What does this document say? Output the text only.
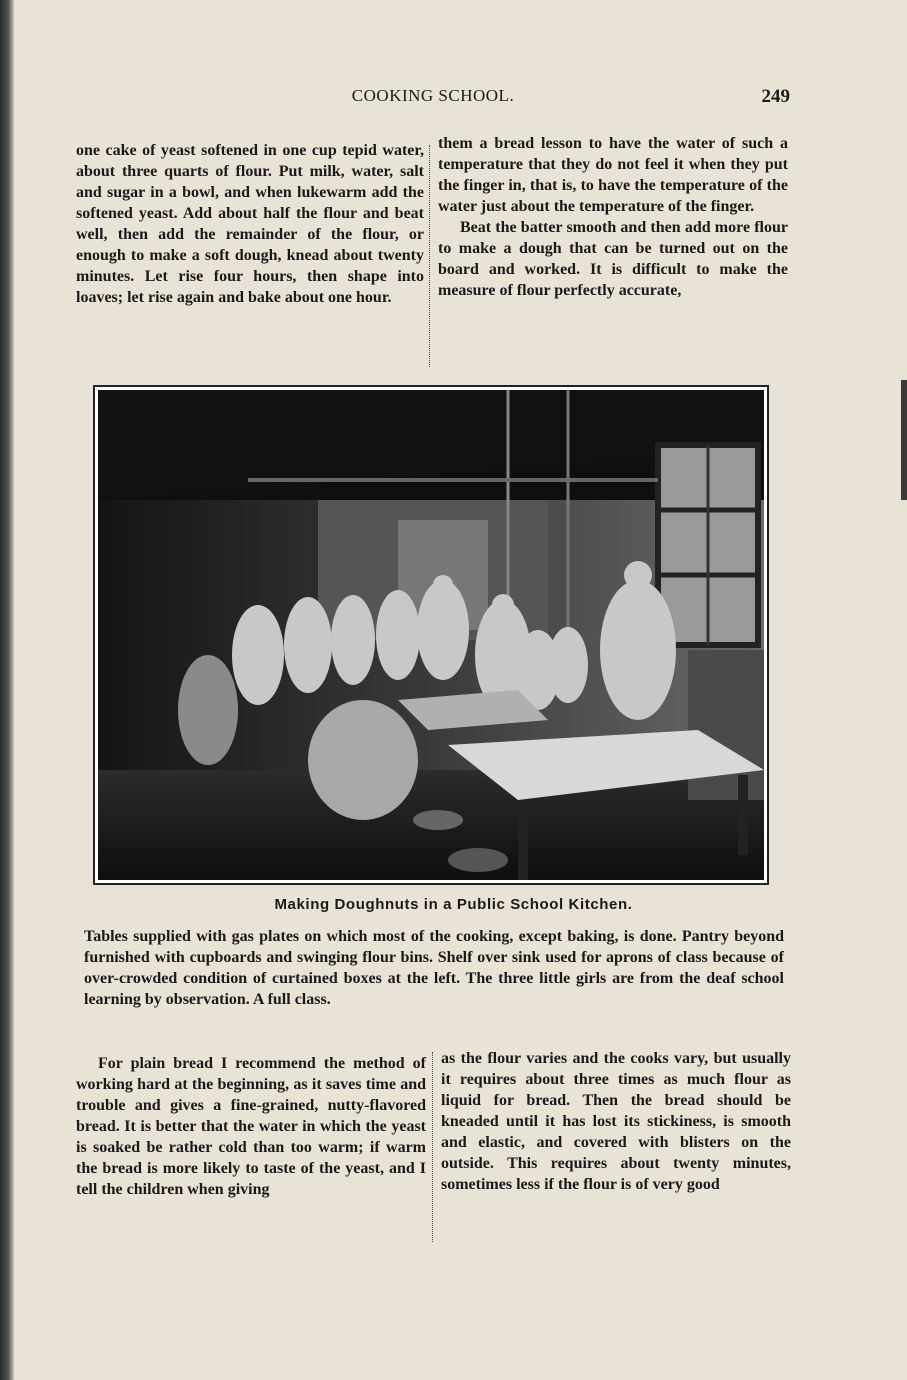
COOKING SCHOOL.	249

one cake of yeast softened in one cup tepid water, about three quarts of flour. Put milk, water, salt and sugar in a bowl, and when lukewarm add the softened yeast. Add about half the flour and beat well, then add the remainder of the flour, or enough to make a soft dough, knead about twenty minutes. Let rise four hours, then shape into loaves; let rise again and bake about one hour.

them a bread lesson to have the water of such a temperature that they do not feel it when they put the finger in, that is, to have the temperature of the water just about the temperature of the finger.

Beat the batter smooth and then add more flour to make a dough that can be turned out on the board and worked. It is difficult to make the measure of flour perfectly accurate,

Making Doughnuts in a Public School Kitchen.

Tables supplied with gas plates on which most of the cooking, except baking, is done. Pantry beyond furnished with cupboards and swinging flour bins. Shelf over sink used for aprons of class because of over-crowded condition of curtained boxes at the left. The three little girls are from the deaf school learning by observation. A full class.

For plain bread I recommend the method of working hard at the beginning, as it saves time and trouble and gives a fine-grained, nutty-flavored bread. It is better that the water in which the yeast is soaked be rather cold than too warm; if warm the bread is more likely to taste of the yeast, and I tell the children when giving

as the flour varies and the cooks vary, but usually it requires about three times as much flour as liquid for bread. Then the bread should be kneaded until it has lost its stickiness, is smooth and elastic, and covered with blisters on the outside. This requires about twenty minutes, sometimes less if the flour is of very good
